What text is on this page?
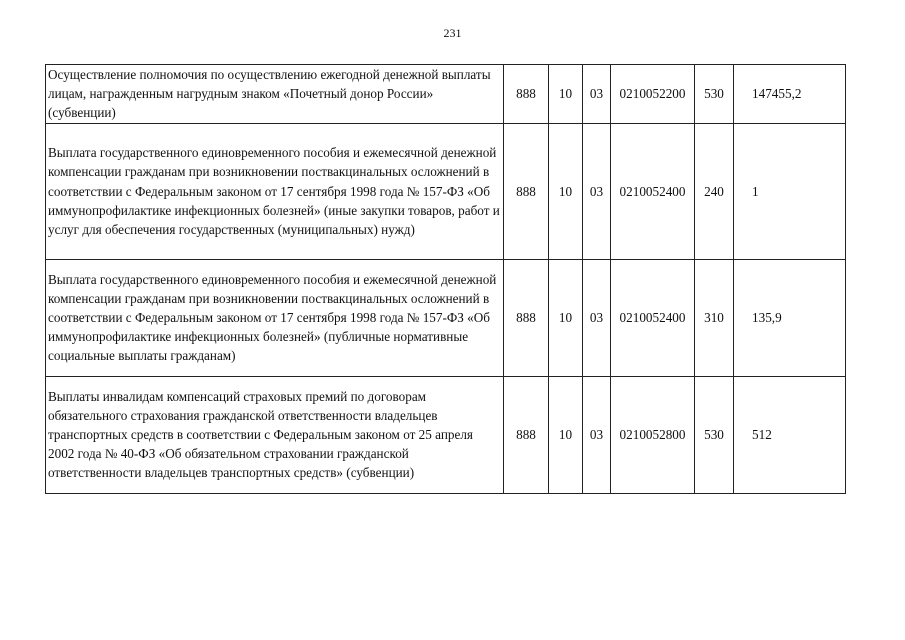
231
Осуществление полномочия по осуществлению ежегодной денежной выплаты лицам, награжденным нагрудным знаком «Почетный донор России» (субвенции)	888	10	03	0210052200	530	147455,2
Выплата государственного единовременного пособия и ежемесячной денежной компенсации гражданам при возникновении поствакцинальных осложнений в соответствии с Федеральным законом от 17 сентября 1998 года № 157-ФЗ «Об иммунопрофилактике инфекционных болезней» (иные закупки товаров, работ и услуг для обеспечения государственных (муниципальных) нужд)	888	10	03	0210052400	240	1
Выплата государственного единовременного пособия и ежемесячной денежной компенсации гражданам при возникновении поствакцинальных осложнений в соответствии с Федеральным законом от 17 сентября 1998 года № 157-ФЗ «Об иммунопрофилактике инфекционных болезней» (публичные нормативные социальные выплаты гражданам)	888	10	03	0210052400	310	135,9
Выплаты инвалидам компенсаций страховых премий по договорам обязательного страхования гражданской ответственности владельцев транспортных средств в соответствии с Федеральным законом от 25 апреля 2002 года № 40-ФЗ «Об обязательном страховании гражданской ответственности владельцев транспортных средств» (субвенции)	888	10	03	0210052800	530	512
